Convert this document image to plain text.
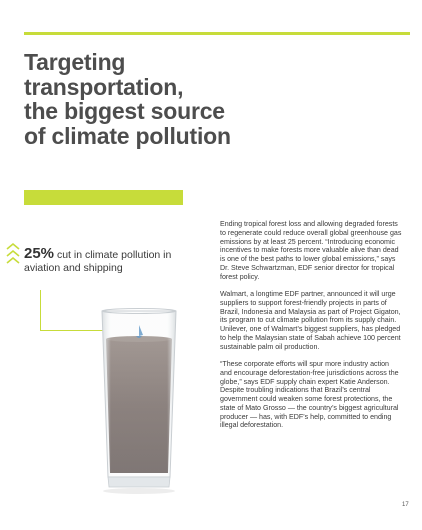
Targeting
transportation,
the biggest source
of climate pollution
25% cut in climate pollution in aviation and shipping

Ending tropical forest loss and allowing degraded forests to regenerate could reduce overall global greenhouse gas emissions by at least 25 percent. “Introducing economic incentives to make forests more valuable alive than dead is one of the best paths to lower global emissions,” says Dr. Steve Schwartzman, EDF senior director for tropical forest policy.

Walmart, a longtime EDF partner, announced it will urge suppliers to support forest-friendly projects in parts of Brazil, Indonesia and Malaysia as part of Project Gigaton, its program to cut climate pollution from its supply chain. Unilever, one of Walmart’s biggest suppliers, has pledged to help the Malaysian state of Sabah achieve 100 percent sustainable palm oil production.

“These corporate efforts will spur more industry action and encourage deforestation-free jurisdictions across the globe,” says EDF supply chain expert Katie Anderson. Despite troubling indications that Brazil’s central government could weaken some forest protections, the state of Mato Grosso — the country’s biggest agricultural producer — has, with EDF’s help, committed to ending illegal deforestation.

17
